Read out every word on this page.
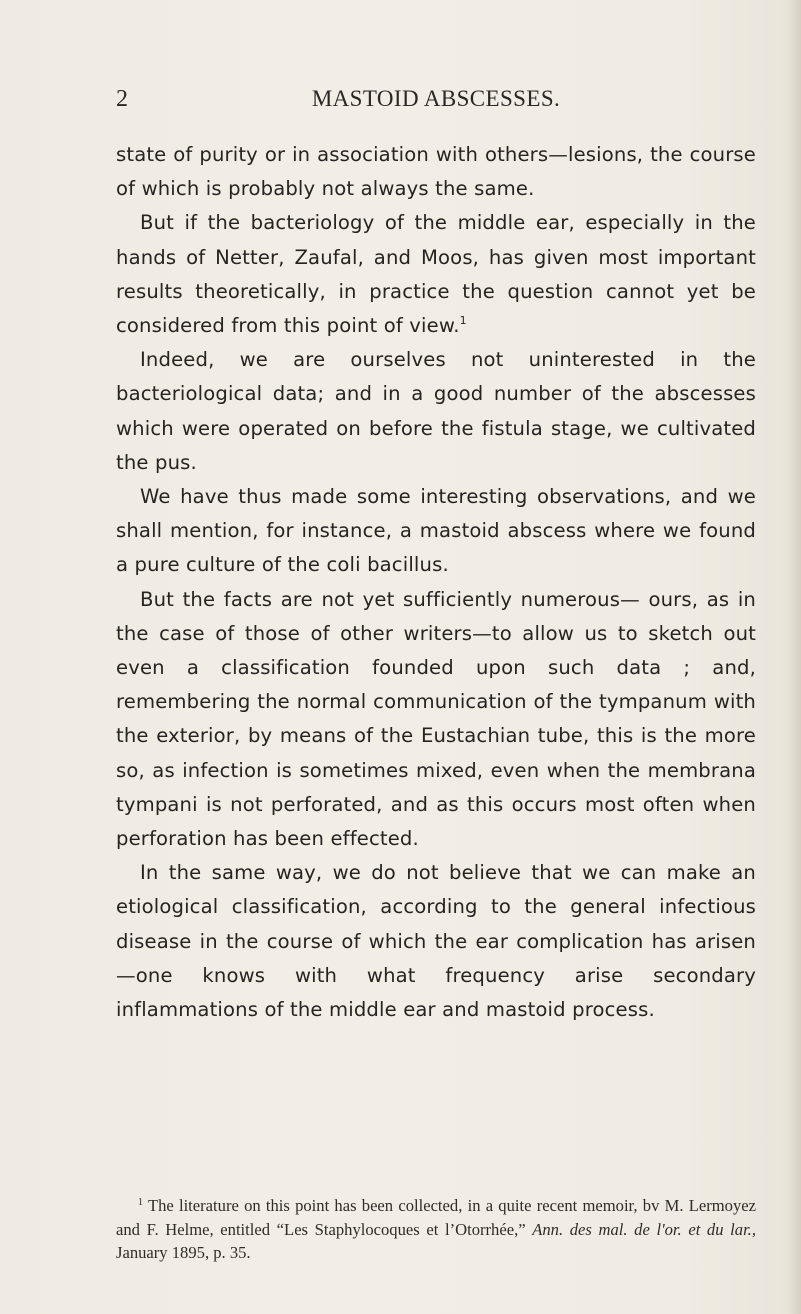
MASTOID ABSCESSES.
2

state of purity or in association with others—lesions, the course of which is probably not always the same.

But if the bacteriology of the middle ear, especially in the hands of Netter, Zaufal, and Moos, has given most important results theoretically, in practice the question cannot yet be considered from this point of view.$^1$

Indeed, we are ourselves not uninterested in the bacteriological data; and in a good number of the abscesses which were operated on before the fistula stage, we cultivated the pus.

We have thus made some interesting observations, and we shall mention, for instance, a mastoid abscess where we found a pure culture of the coli bacillus.

But the facts are not yet sufficiently numerous— ours, as in the case of those of other writers—to allow us to sketch out even a classification founded upon such data ; and, remembering the normal communication of the tympanum with the exterior, by means of the Eustachian tube, this is the more so, as infection is sometimes mixed, even when the membrana tympani is not perforated, and as this occurs most often when perforation has been effected.

In the same way, we do not believe that we can make an etiological classification, according to the general infectious disease in the course of which the ear complication has arisen—one knows with what frequency arise secondary inflammations of the middle ear and mastoid process.

$^1$ The literature on this point has been collected, in a quite recent memoir, bv M. Lermoyez and F. Helme, entitled “Les Staphylocoques et l’Otorrhée,” Ann. des mal. de l'or. et du lar., January 1895, p. 35.
